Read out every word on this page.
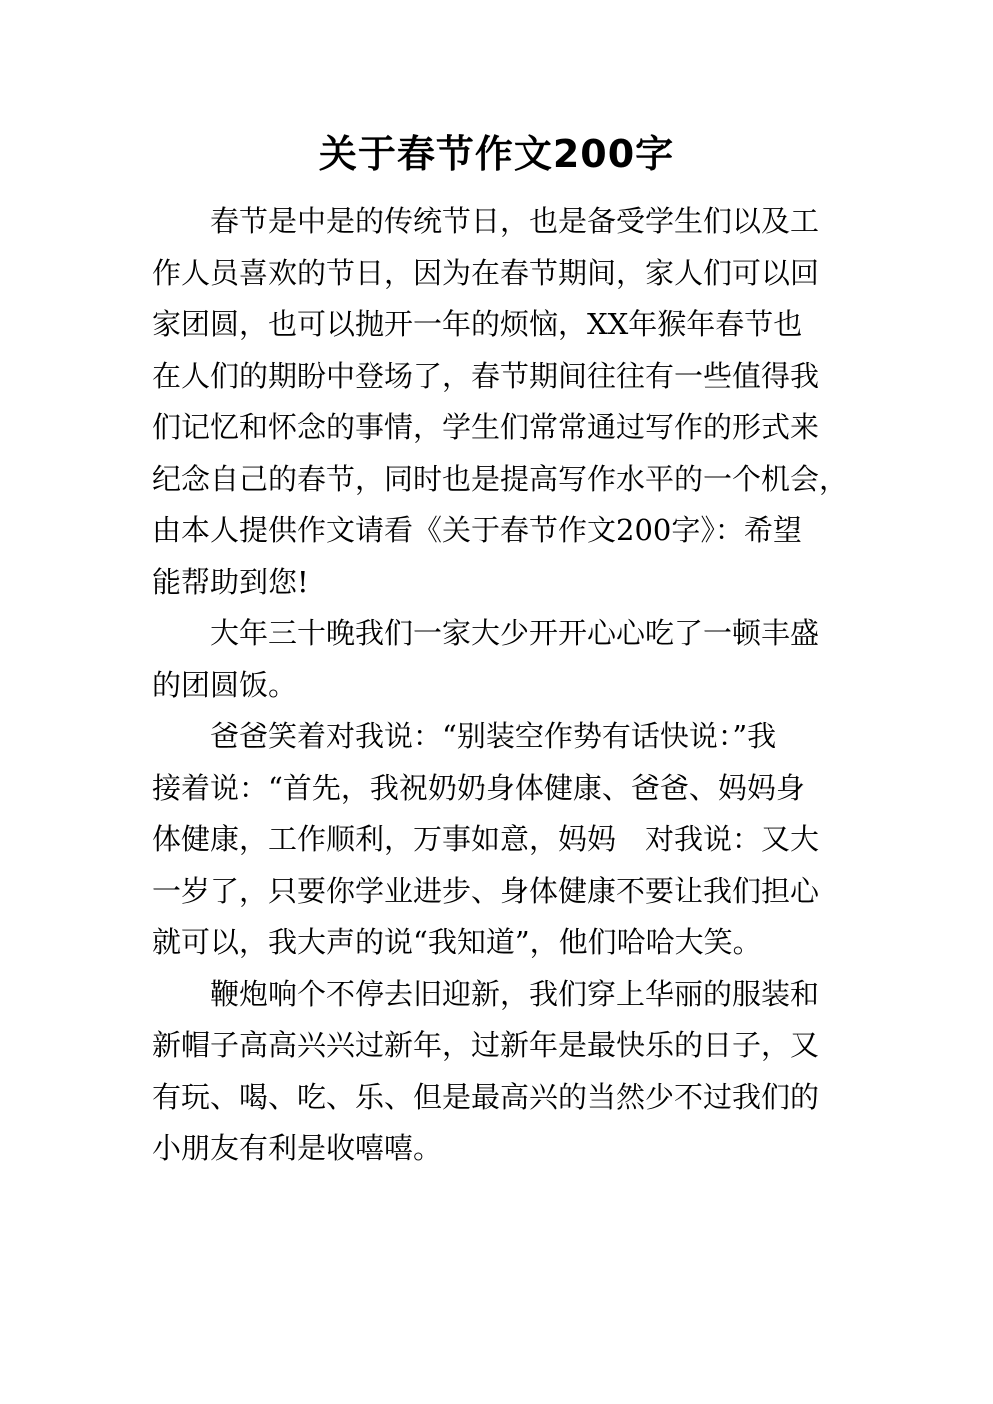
关于春节作文200字
春节是中是的传统节日，也是备受学生们以及工
作人员喜欢的节日，因为在春节期间，家人们可以回
家团圆，也可以抛开一年的烦恼，XX年猴年春节也
在人们的期盼中登场了，春节期间往往有一些值得我
们记忆和怀念的事情，学生们常常通过写作的形式来
纪念自己的春节，同时也是提高写作水平的一个机会，
由本人提供作文请看《关于春节作文200字》：希望
能帮助到您!
大年三十晚我们一家大少开开心心吃了一顿丰盛
的团圆饭。
爸爸笑着对我说：“别装空作势有话快说：”我
接着说：“首先，我祝奶奶身体健康、爸爸、妈妈身
体健康，工作顺利，万事如意，妈妈　对我说：又大
一岁了，只要你学业进步、身体健康不要让我们担心
就可以，我大声的说“我知道”，他们哈哈大笑。
鞭炮响个不停去旧迎新，我们穿上华丽的服装和
新帽子高高兴兴过新年，过新年是最快乐的日子，又
有玩、喝、吃、乐、但是最高兴的当然少不过我们的
小朋友有利是收嘻嘻。
